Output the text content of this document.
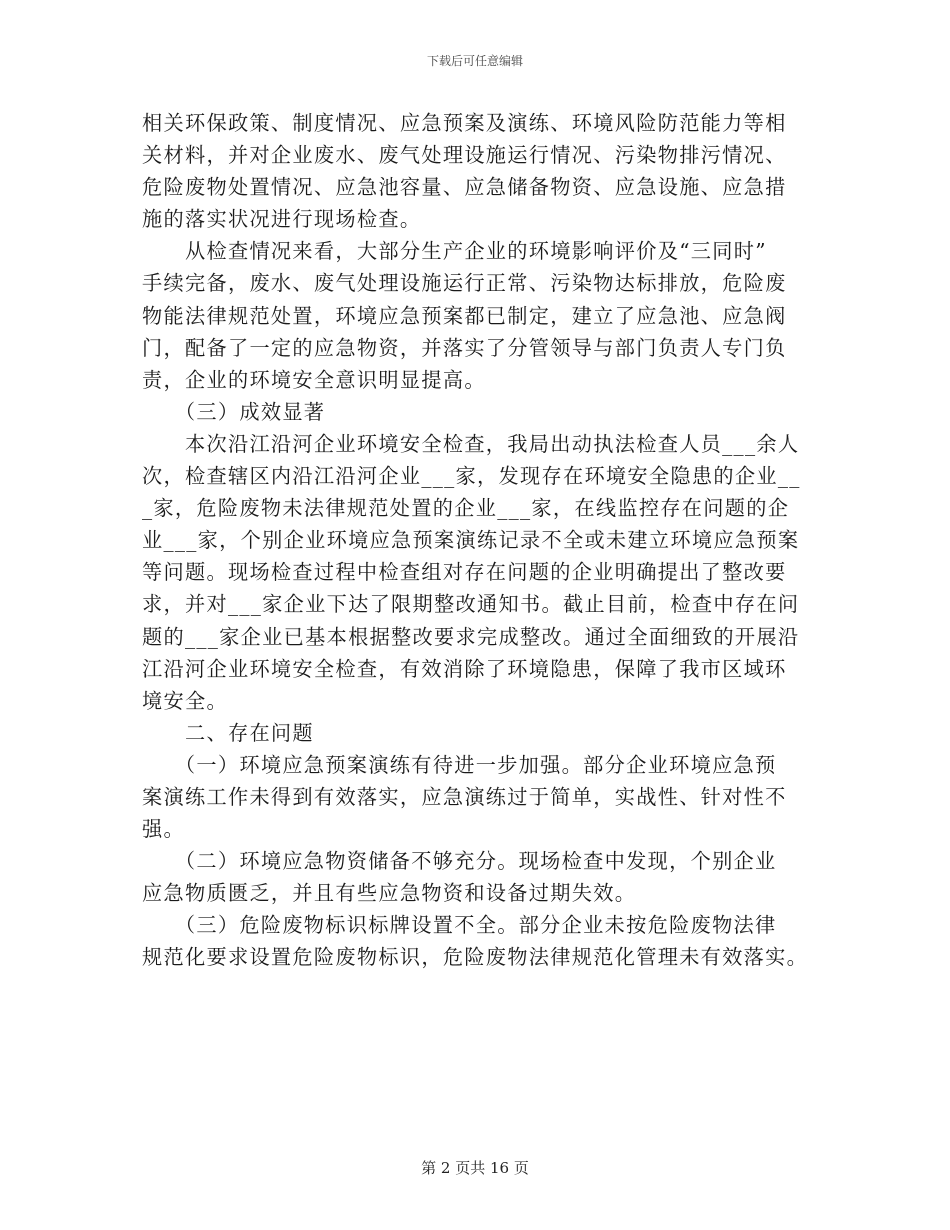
下载后可任意编辑
相关环保政策、制度情况、应急预案及演练、环境风险防范能力等相
关材料，并对企业废水、废气处理设施运行情况、污染物排污情况、
危险废物处置情况、应急池容量、应急储备物资、应急设施、应急措
施的落实状况进行现场检查。
　　从检查情况来看，大部分生产企业的环境影响评价及“三同时”
手续完备，废水、废气处理设施运行正常、污染物达标排放，危险废
物能法律规范处置，环境应急预案都已制定，建立了应急池、应急阀
门，配备了一定的应急物资，并落实了分管领导与部门负责人专门负
责，企业的环境安全意识明显提高。
　　（三）成效显著
　　本次沿江沿河企业环境安全检查，我局出动执法检查人员___余人
次，检查辖区内沿江沿河企业___家，发现存在环境安全隐患的企业__
_家，危险废物未法律规范处置的企业___家，在线监控存在问题的企
业___家，个别企业环境应急预案演练记录不全或未建立环境应急预案
等问题。现场检查过程中检查组对存在问题的企业明确提出了整改要
求，并对___家企业下达了限期整改通知书。截止目前，检查中存在问
题的___家企业已基本根据整改要求完成整改。通过全面细致的开展沿
江沿河企业环境安全检查，有效消除了环境隐患，保障了我市区域环
境安全。
　　二、存在问题
　　（一）环境应急预案演练有待进一步加强。部分企业环境应急预
案演练工作未得到有效落实，应急演练过于简单，实战性、针对性不
强。
　　（二）环境应急物资储备不够充分。现场检查中发现，个别企业
应急物质匮乏，并且有些应急物资和设备过期失效。
　　（三）危险废物标识标牌设置不全。部分企业未按危险废物法律
规范化要求设置危险废物标识，危险废物法律规范化管理未有效落实。
第 2 页共 16 页
